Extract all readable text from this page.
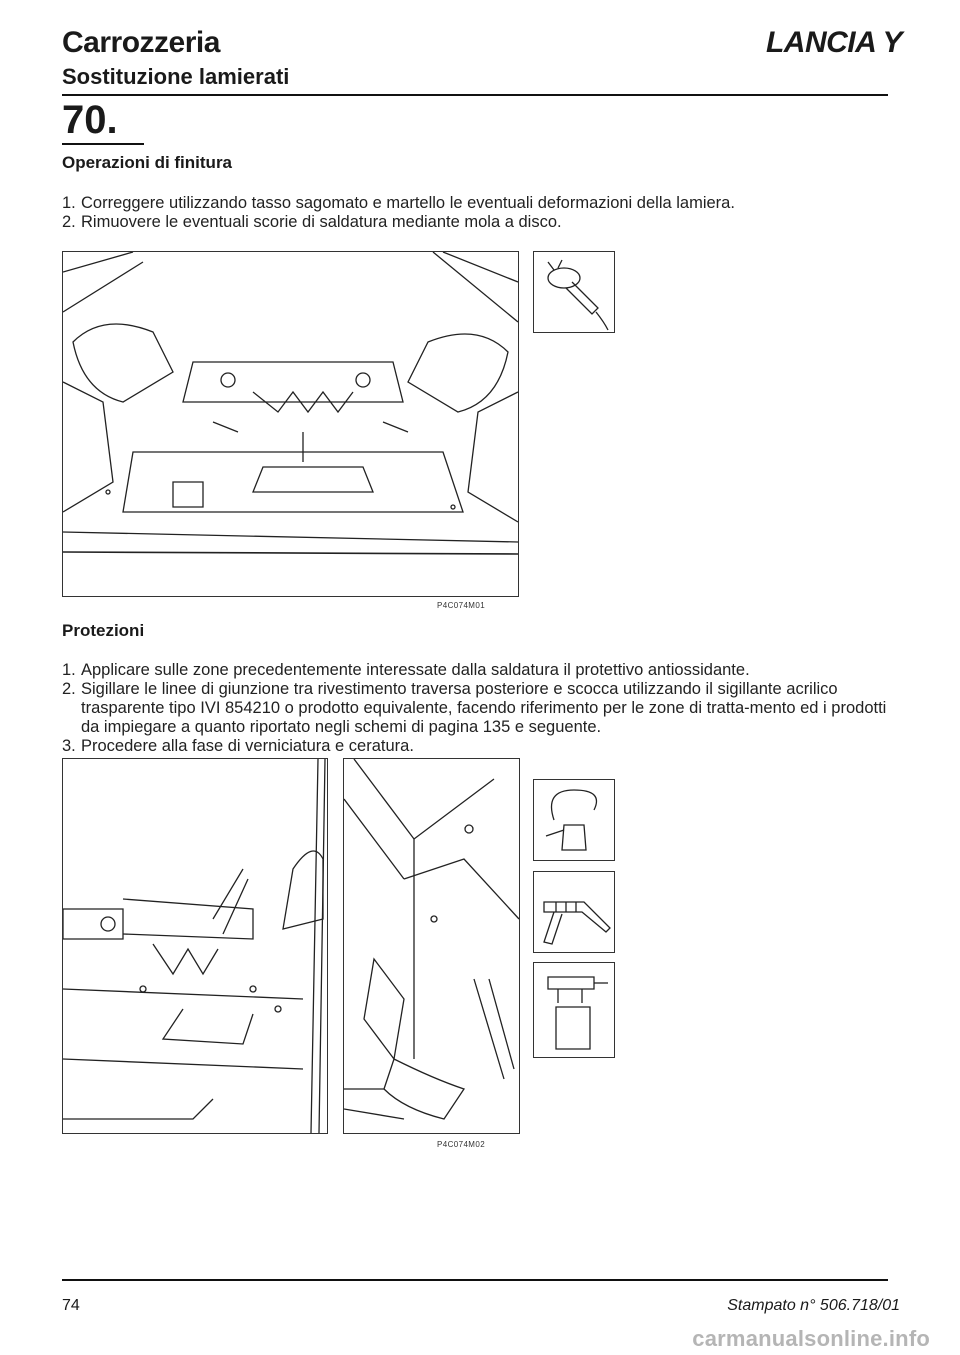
Carrozzeria	LANCIA Y
Sostituzione lamierati
70.
Operazioni di finitura
1. Correggere utilizzando tasso sagomato e martello le eventuali deformazioni della lamiera.
2. Rimuovere le eventuali scorie di saldatura mediante mola a disco.
P4C074M01
Protezioni
1. Applicare sulle zone precedentemente interessate dalla saldatura il protettivo antiossidante.
2. Sigillare le linee di giunzione tra rivestimento traversa posteriore e scocca utilizzando il sigillante acrilico trasparente tipo IVI 854210 o prodotto equivalente, facendo riferimento per le zone di tratta-mento ed i prodotti da impiegare a quanto riportato negli schemi di pagina 135 e seguente.
3. Procedere alla fase di verniciatura e ceratura.
P4C074M02
74	Stampato n° 506.718/01
carmanualsonline.info
